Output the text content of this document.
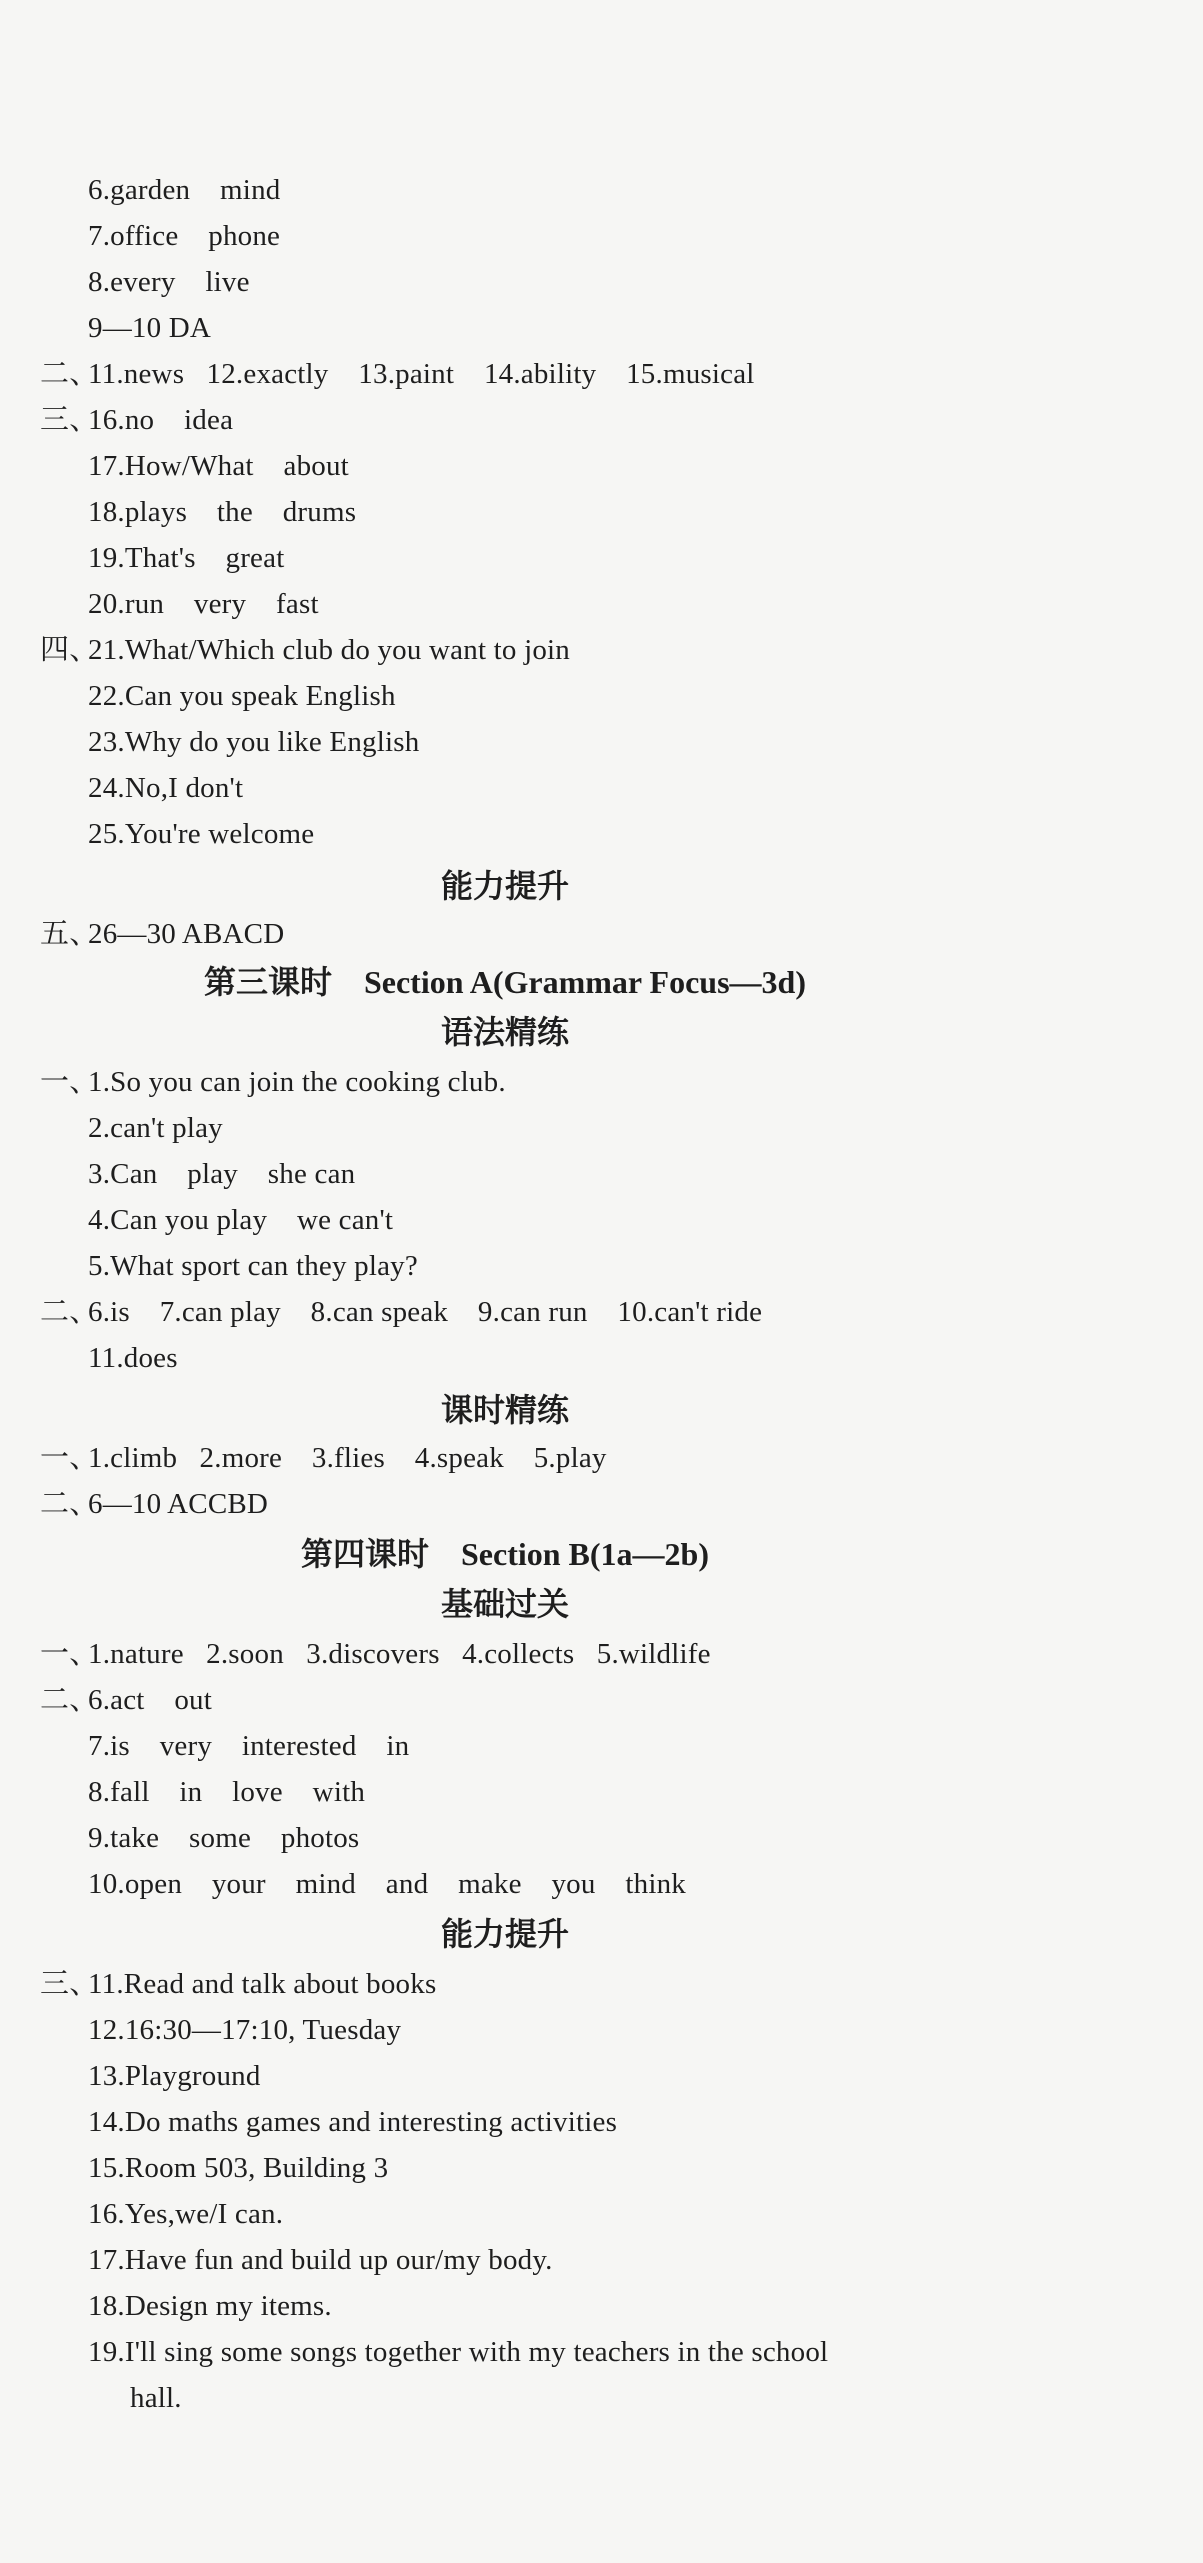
6.garden    mind
7.office    phone
8.every    live
9—10 DA
二、
11.news   12.exactly    13.paint    14.ability    15.musical
三、
16.no    idea
17.How/What    about
18.plays    the    drums
19.That's    great
20.run    very    fast
四、
21.What/Which club do you want to join
22.Can you speak English
23.Why do you like English
24.No,I don't
25.You're welcome
能力提升
五、
26—30 ABACD
第三课时    Section A(Grammar Focus—3d)
语法精练
一、
1.So you can join the cooking club.
2.can't play
3.Can    play    she can
4.Can you play    we can't
5.What sport can they play?
二、
6.is    7.can play    8.can speak    9.can run    10.can't ride
11.does
课时精练
一、
1.climb   2.more    3.flies    4.speak    5.play
二、
6—10 ACCBD
第四课时    Section B(1a—2b)
基础过关
一、
1.nature   2.soon   3.discovers   4.collects   5.wildlife
二、
6.act    out
7.is    very    interested    in
8.fall    in    love    with
9.take    some    photos
10.open    your    mind    and    make    you    think
能力提升
三、
11.Read and talk about books
12.16:30—17:10, Tuesday
13.Playground
14.Do maths games and interesting activities
15.Room 503, Building 3
16.Yes,we/I can.
17.Have fun and build up our/my body.
18.Design my items.
19.I'll sing some songs together with my teachers in the school
hall.
